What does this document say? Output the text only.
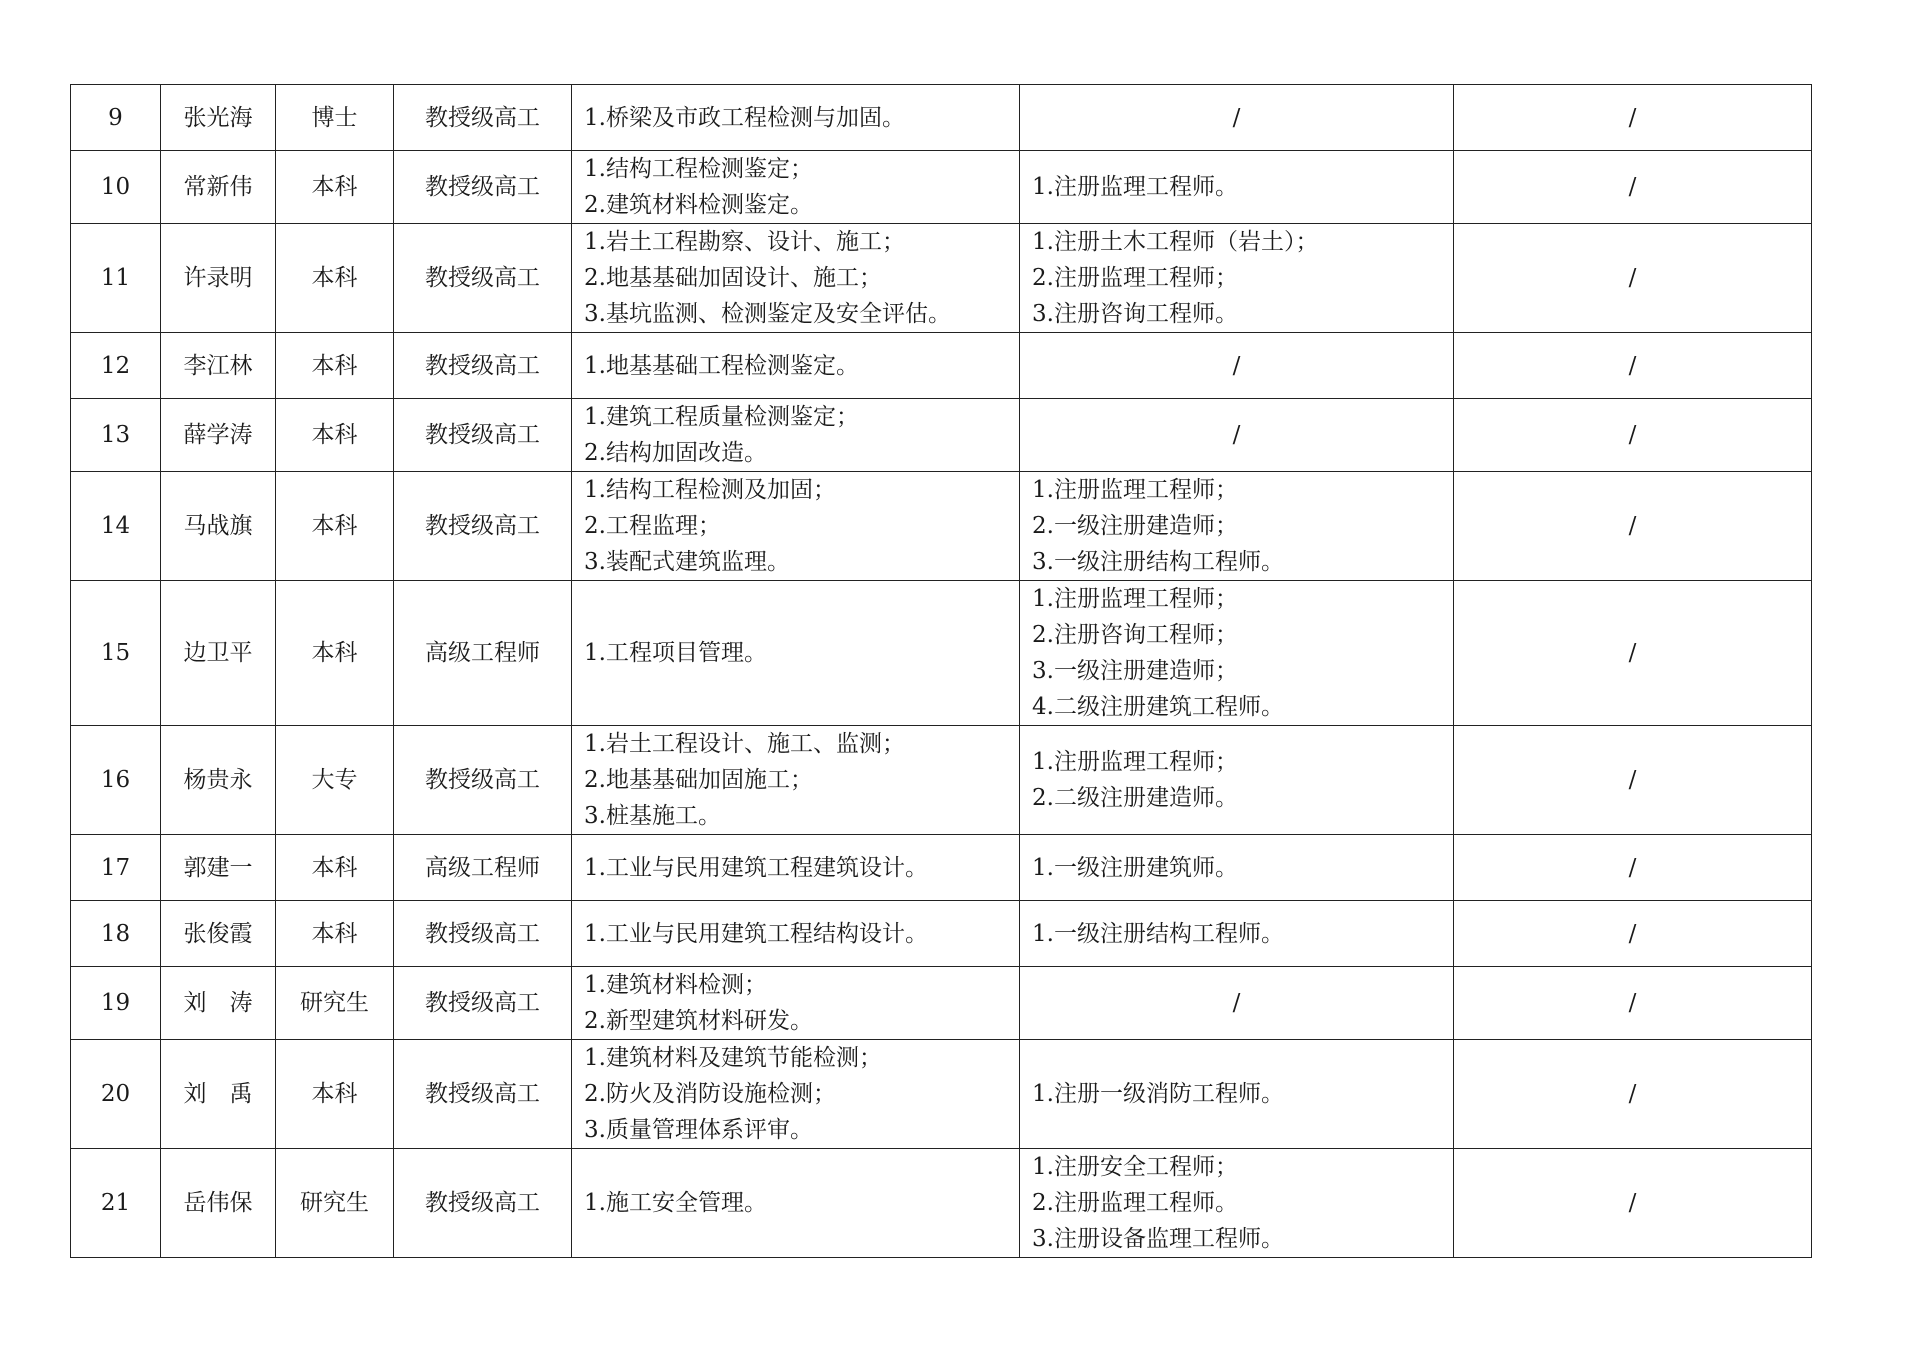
9	张光海	博士	教授级高工	1.桥梁及市政工程检测与加固。	/	/
10	常新伟	本科	教授级高工	1.结构工程检测鉴定；
2.建筑材料检测鉴定。	1.注册监理工程师。	/
11	许录明	本科	教授级高工	1.岩土工程勘察、设计、施工；
2.地基基础加固设计、施工；
3.基坑监测、检测鉴定及安全评估。	1.注册土木工程师（岩土）；
2.注册监理工程师；
3.注册咨询工程师。	/
12	李江林	本科	教授级高工	1.地基基础工程检测鉴定。	/	/
13	薛学涛	本科	教授级高工	1.建筑工程质量检测鉴定；
2.结构加固改造。	/	/
14	马战旗	本科	教授级高工	1.结构工程检测及加固；
2.工程监理；
3.装配式建筑监理。	1.注册监理工程师；
2.一级注册建造师；
3.一级注册结构工程师。	/
15	边卫平	本科	高级工程师	1.工程项目管理。	1.注册监理工程师；
2.注册咨询工程师；
3.一级注册建造师；
4.二级注册建筑工程师。	/
16	杨贵永	大专	教授级高工	1.岩土工程设计、施工、监测；
2.地基基础加固施工；
3.桩基施工。	1.注册监理工程师；
2.二级注册建造师。	/
17	郭建一	本科	高级工程师	1.工业与民用建筑工程建筑设计。	1.一级注册建筑师。	/
18	张俊霞	本科	教授级高工	1.工业与民用建筑工程结构设计。	1.一级注册结构工程师。	/
19	刘　涛	研究生	教授级高工	1.建筑材料检测；
2.新型建筑材料研发。	/	/
20	刘　禹	本科	教授级高工	1.建筑材料及建筑节能检测；
2.防火及消防设施检测；
3.质量管理体系评审。	1.注册一级消防工程师。	/
21	岳伟保	研究生	教授级高工	1.施工安全管理。	1.注册安全工程师；
2.注册监理工程师。
3.注册设备监理工程师。	/
